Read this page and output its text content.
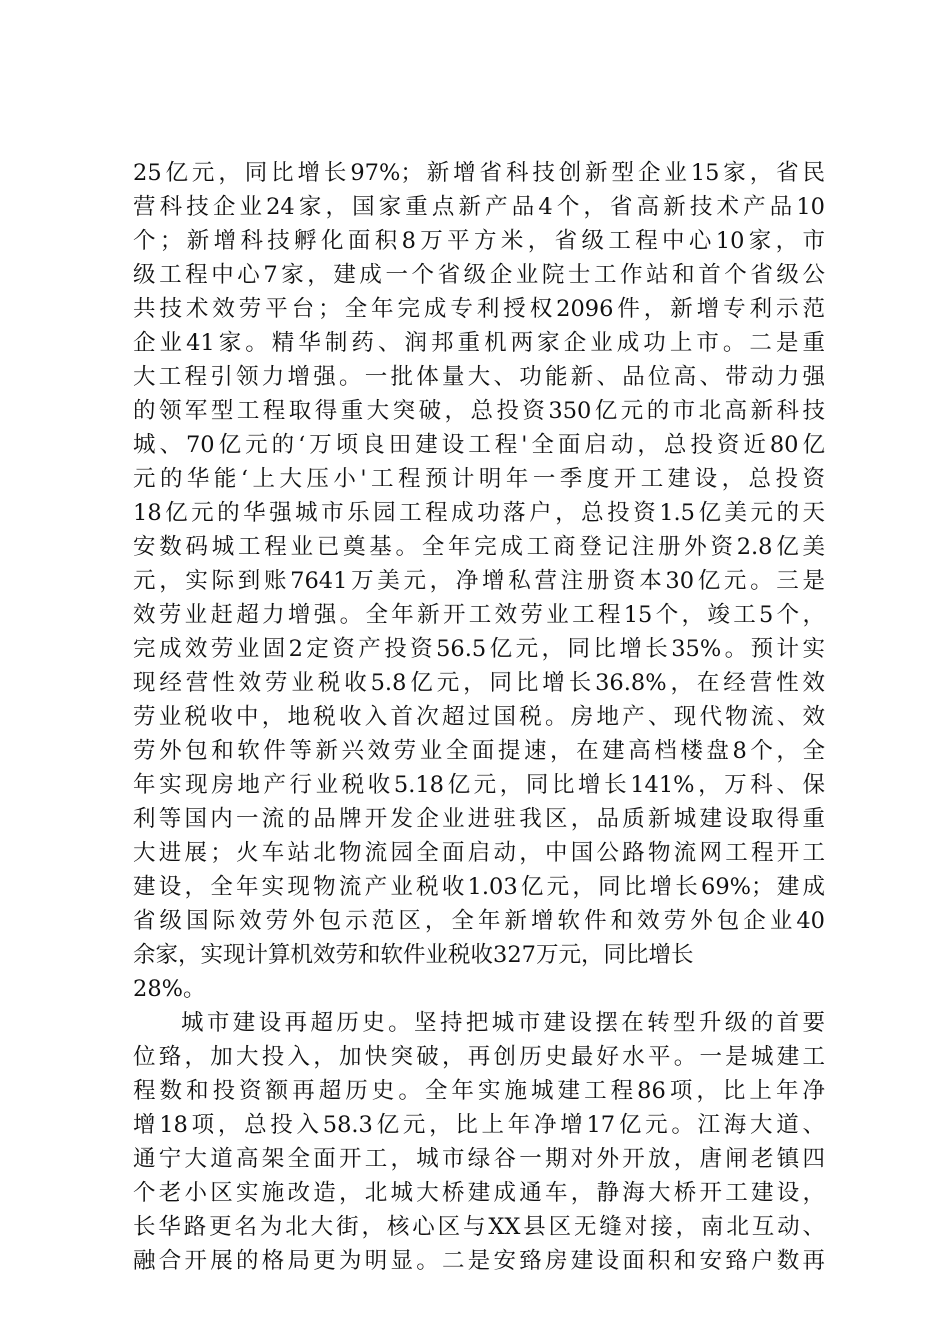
25亿元，同比增长97%；新增省科技创新型企业15家，省民
营科技企业24家，国家重点新产品4个，省高新技术产品10
个；新增科技孵化面积8万平方米，省级工程中心10家，市
级工程中心7家，建成一个省级企业院士工作站和首个省级公
共技术效劳平台；全年完成专利授权2096件，新增专利示范
企业41家。精华制药、润邦重机两家企业成功上市。二是重
大工程引领力增强。一批体量大、功能新、品位高、带动力强
的领军型工程取得重大突破，总投资350亿元的市北高新科技
城、70亿元的‘万顷良田建设工程'全面启动，总投资近80亿
元的华能‘上大压小'工程预计明年一季度开工建设，总投资
18亿元的华强城市乐园工程成功落户，总投资1.5亿美元的天
安数码城工程业已奠基。全年完成工商登记注册外资2.8亿美
元，实际到账7641万美元，净增私营注册资本30亿元。三是
效劳业赶超力增强。全年新开工效劳业工程15个，竣工5个，
完成效劳业固2定资产投资56.5亿元，同比增长35%。预计实
现经营性效劳业税收5.8亿元，同比增长36.8%，在经营性效
劳业税收中，地税收入首次超过国税。房地产、现代物流、效
劳外包和软件等新兴效劳业全面提速，在建高档楼盘8个，全
年实现房地产行业税收5.18亿元，同比增长141%，万科、保
利等国内一流的品牌开发企业进驻我区，品质新城建设取得重
大进展；火车站北物流园全面启动，中国公路物流网工程开工
建设，全年实现物流产业税收1.03亿元，同比增长69%；建成
省级国际效劳外包示范区，全年新增软件和效劳外包企业40
余家，实现计算机效劳和软件业税收327万元，同比增长
28%。
城市建设再超历史。坚持把城市建设摆在转型升级的首要
位臵，加大投入，加快突破，再创历史最好水平。一是城建工
程数和投资额再超历史。全年实施城建工程86项，比上年净
增18项，总投入58.3亿元，比上年净增17亿元。江海大道、
通宁大道高架全面开工，城市绿谷一期对外开放，唐闸老镇四
个老小区实施改造，北城大桥建成通车，静海大桥开工建设，
长华路更名为北大街，核心区与XX县区无缝对接，南北互动、
融合开展的格局更为明显。二是安臵房建设面积和安臵户数再
